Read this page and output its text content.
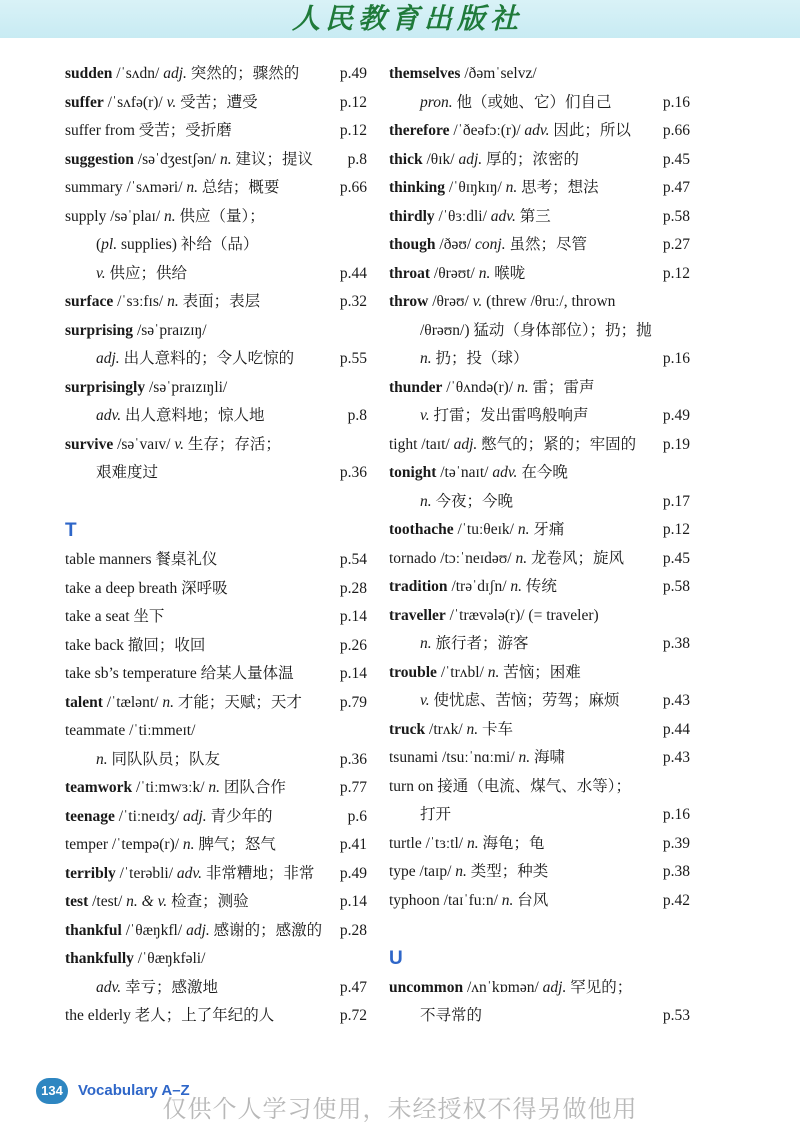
人民教育出版社
sudden /ˈsʌdn/ adj. 突然的；骤然的	p.49
suffer /ˈsʌfə(r)/ v. 受苦；遭受	p.12
suffer from 受苦；受折磨	p.12
suggestion /səˈdʒestʃən/ n. 建议；提议 p.8
summary /ˈsʌməri/ n. 总结；概要	p.66
supply /səˈplaɪ/ n. 供应（量）；
(pl. supplies) 补给（品）
v. 供应；供给	p.44
surface /ˈsɜːfɪs/ n. 表面；表层	p.32
surprising /səˈpraɪzɪŋ/
adj. 出人意料的；令人吃惊的	p.55
surprisingly /səˈpraɪzɪŋli/
adv. 出人意料地；惊人地	p.8
survive /səˈvaɪv/ v. 生存；存活；
艰难度过	p.36
T
table manners 餐桌礼仪	p.54
take a deep breath 深呼吸	p.28
take a seat 坐下	p.14
take back 撤回；收回	p.26
take sb’s temperature 给某人量体温	p.14
talent /ˈtælənt/ n. 才能；天赋；天才 p.79
teammate /ˈtiːmmeɪt/
n. 同队队员；队友	p.36
teamwork /ˈtiːmwɜːk/ n. 团队合作	p.77
teenage /ˈtiːneɪdʒ/ adj. 青少年的	p.6
temper /ˈtempə(r)/ n. 脾气；怒气	p.41
terribly /ˈterəbli/ adv. 非常糟地；非常 p.49
test /test/ n. & v. 检查；测验	p.14
thankful /ˈθæŋkfl/ adj. 感谢的；感激的 p.28
thankfully /ˈθæŋkfəli/
adv. 幸亏；感激地	p.47
the elderly 老人；上了年纪的人	p.72
themselves /ðəmˈselvz/
pron. 他（或她、它）们自己	p.16
therefore /ˈðeəfɔː(r)/ adv. 因此；所以 p.66
thick /θɪk/ adj. 厚的；浓密的	p.45
thinking /ˈθɪŋkɪŋ/ n. 思考；想法	p.47
thirdly /ˈθɜːdli/ adv. 第三	p.58
though /ðəʊ/ conj. 虽然；尽管	p.27
throat /θrəʊt/ n. 喉咙	p.12
throw /θrəʊ/ v. (threw /θruː/, thrown
/θrəʊn/) 猛动（身体部位）；扔；抛
n. 扔；投（球）	p.16
thunder /ˈθʌndə(r)/ n. 雷；雷声
v. 打雷；发出雷鸣般响声	p.49
tight /taɪt/ adj. 憋气的；紧的；牢固的 p.19
tonight /təˈnaɪt/ adv. 在今晚
n. 今夜；今晚	p.17
toothache /ˈtuːθeɪk/ n. 牙痛	p.12
tornado /tɔːˈneɪdəʊ/ n. 龙卷风；旋风	p.45
tradition /trəˈdɪʃn/ n. 传统	p.58
traveller /ˈtrævələ(r)/ (= traveler)
n. 旅行者；游客	p.38
trouble /ˈtrʌbl/ n. 苦恼；困难
v. 使忧虑、苦恼；劳驾；麻烦	p.43
truck /trʌk/ n. 卡车	p.44
tsunami /tsuːˈnɑːmi/ n. 海啸	p.43
turn on 接通（电流、煤气、水等）；
打开	p.16
turtle /ˈtɜːtl/ n. 海龟；龟	p.39
type /taɪp/ n. 类型；种类	p.38
typhoon /taɪˈfuːn/ n. 台风	p.42
U
uncommon /ʌnˈkɒmən/ adj. 罕见的；
不寻常的	p.53
134	Vocabulary A–Z
仅供个人学习使用，未经授权不得另做他用
